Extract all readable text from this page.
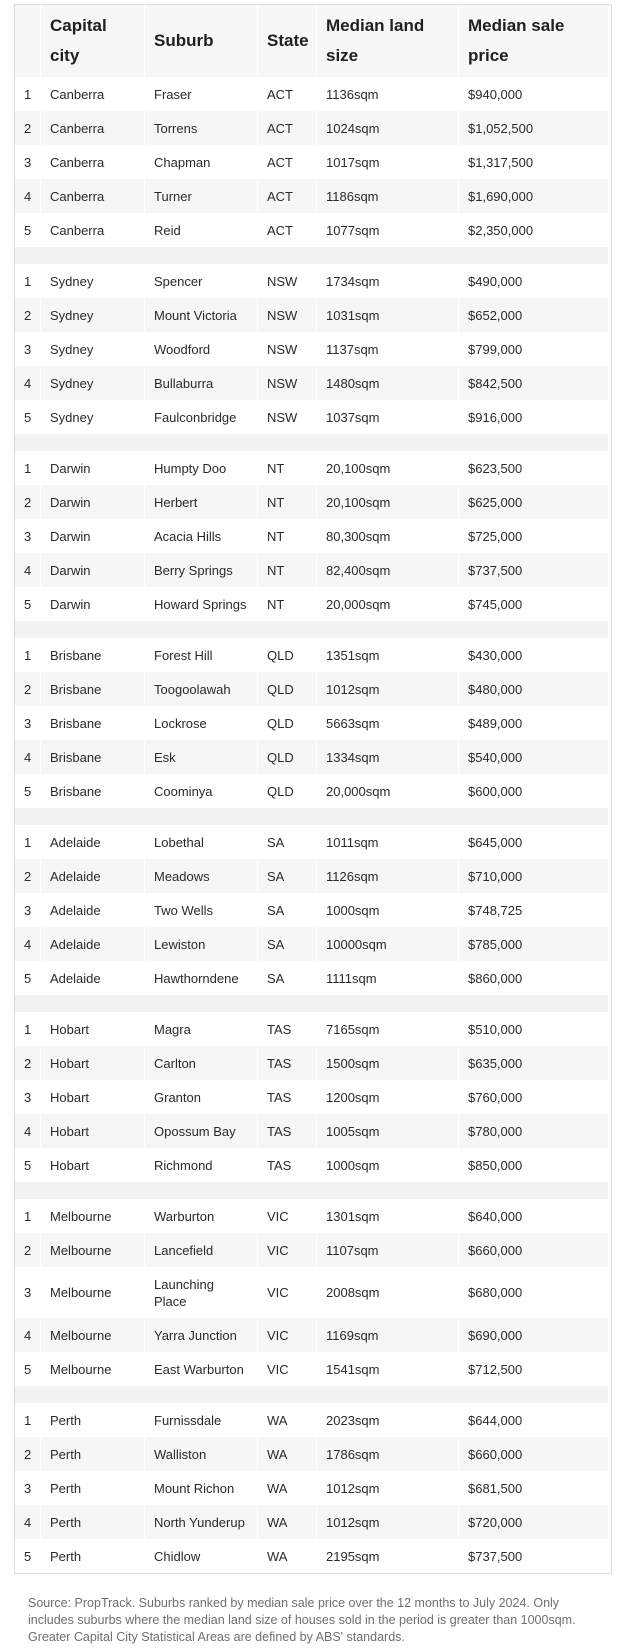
	Capital city	Suburb	State	Median land size	Median sale price
1	Canberra	Fraser	ACT	1136sqm	$940,000
2	Canberra	Torrens	ACT	1024sqm	$1,052,500
3	Canberra	Chapman	ACT	1017sqm	$1,317,500
4	Canberra	Turner	ACT	1186sqm	$1,690,000
5	Canberra	Reid	ACT	1077sqm	$2,350,000

1	Sydney	Spencer	NSW	1734sqm	$490,000
2	Sydney	Mount Victoria	NSW	1031sqm	$652,000
3	Sydney	Woodford	NSW	1137sqm	$799,000
4	Sydney	Bullaburra	NSW	1480sqm	$842,500
5	Sydney	Faulconbridge	NSW	1037sqm	$916,000

1	Darwin	Humpty Doo	NT	20,100sqm	$623,500
2	Darwin	Herbert	NT	20,100sqm	$625,000
3	Darwin	Acacia Hills	NT	80,300sqm	$725,000
4	Darwin	Berry Springs	NT	82,400sqm	$737,500
5	Darwin	Howard Springs	NT	20,000sqm	$745,000

1	Brisbane	Forest Hill	QLD	1351sqm	$430,000
2	Brisbane	Toogoolawah	QLD	1012sqm	$480,000
3	Brisbane	Lockrose	QLD	5663sqm	$489,000
4	Brisbane	Esk	QLD	1334sqm	$540,000
5	Brisbane	Coominya	QLD	20,000sqm	$600,000

1	Adelaide	Lobethal	SA	1011sqm	$645,000
2	Adelaide	Meadows	SA	1126sqm	$710,000
3	Adelaide	Two Wells	SA	1000sqm	$748,725
4	Adelaide	Lewiston	SA	10000sqm	$785,000
5	Adelaide	Hawthorndene	SA	1111sqm	$860,000

1	Hobart	Magra	TAS	7165sqm	$510,000
2	Hobart	Carlton	TAS	1500sqm	$635,000
3	Hobart	Granton	TAS	1200sqm	$760,000
4	Hobart	Opossum Bay	TAS	1005sqm	$780,000
5	Hobart	Richmond	TAS	1000sqm	$850,000

1	Melbourne	Warburton	VIC	1301sqm	$640,000
2	Melbourne	Lancefield	VIC	1107sqm	$660,000
3	Melbourne	Launching Place	VIC	2008sqm	$680,000
4	Melbourne	Yarra Junction	VIC	1169sqm	$690,000
5	Melbourne	East Warburton	VIC	1541sqm	$712,500

1	Perth	Furnissdale	WA	2023sqm	$644,000
2	Perth	Walliston	WA	1786sqm	$660,000
3	Perth	Mount Richon	WA	1012sqm	$681,500
4	Perth	North Yunderup	WA	1012sqm	$720,000
5	Perth	Chidlow	WA	2195sqm	$737,500
Source: PropTrack. Suburbs ranked by median sale price over the 12 months to July 2024. Only includes suburbs where the median land size of houses sold in the period is greater than 1000sqm. Greater Capital City Statistical Areas are defined by ABS' standards.
